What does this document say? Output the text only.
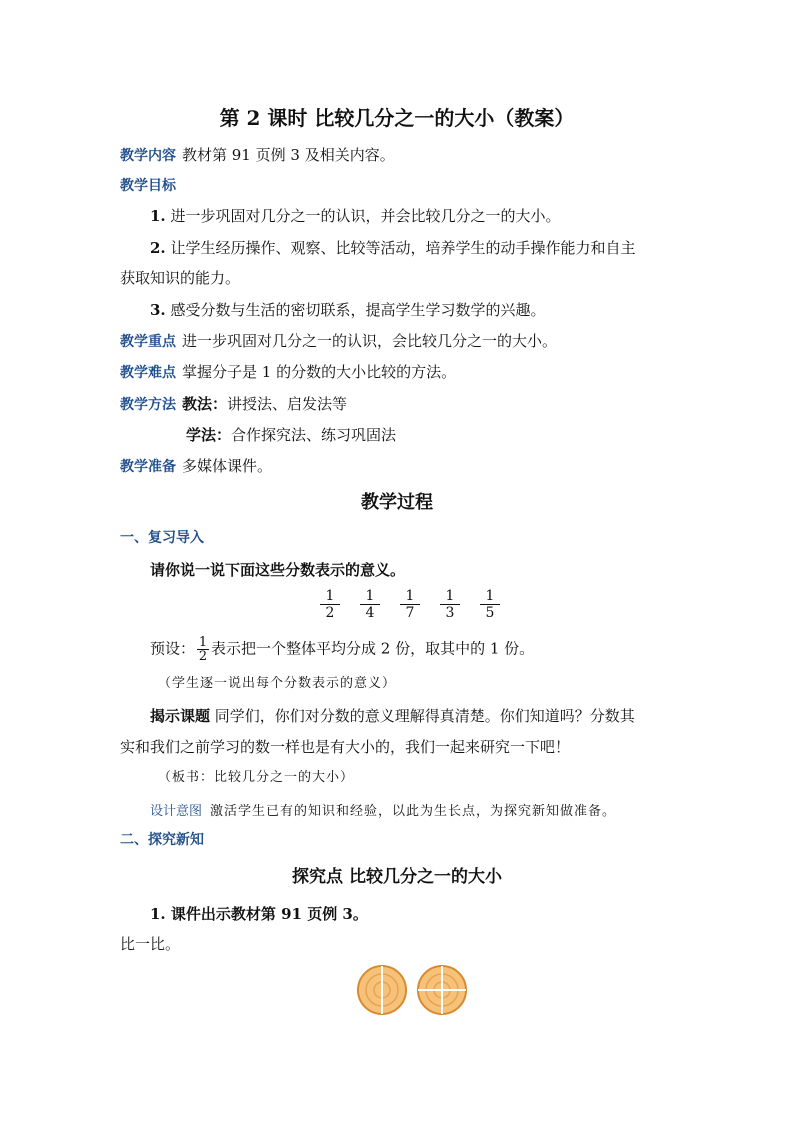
第 2 课时 比较几分之一的大小（教案）
教学内容 教材第 91 页例 3 及相关内容。
教学目标
1. 进一步巩固对几分之一的认识，并会比较几分之一的大小。
2. 让学生经历操作、观察、比较等活动，培养学生的动手操作能力和自主
获取知识的能力。
3. 感受分数与生活的密切联系，提高学生学习数学的兴趣。
教学重点 进一步巩固对几分之一的认识，会比较几分之一的大小。
教学难点 掌握分子是 1 的分数的大小比较的方法。
教学方法 教法：讲授法、启发法等
学法：合作探究法、练习巩固法
教学准备 多媒体课件。
教学过程
一、复习导入
请你说一说下面这些分数表示的意义。
$\frac{1}{2} \frac{1}{4} \frac{1}{7} \frac{1}{3} \frac{1}{5}$
预设： $\frac{1}{2}$ 表示把一个整体平均分成 2 份，取其中的 1 份。
（学生逐一说出每个分数表示的意义）
揭示课题 同学们，你们对分数的意义理解得真清楚。你们知道吗？分数其
实和我们之前学习的数一样也是有大小的，我们一起来研究一下吧！
（板书：比较几分之一的大小）
设计意图 激活学生已有的知识和经验，以此为生长点，为探究新知做准备。
二、探究新知
探究点 比较几分之一的大小
1. 课件出示教材第 91 页例 3。
比一比。
